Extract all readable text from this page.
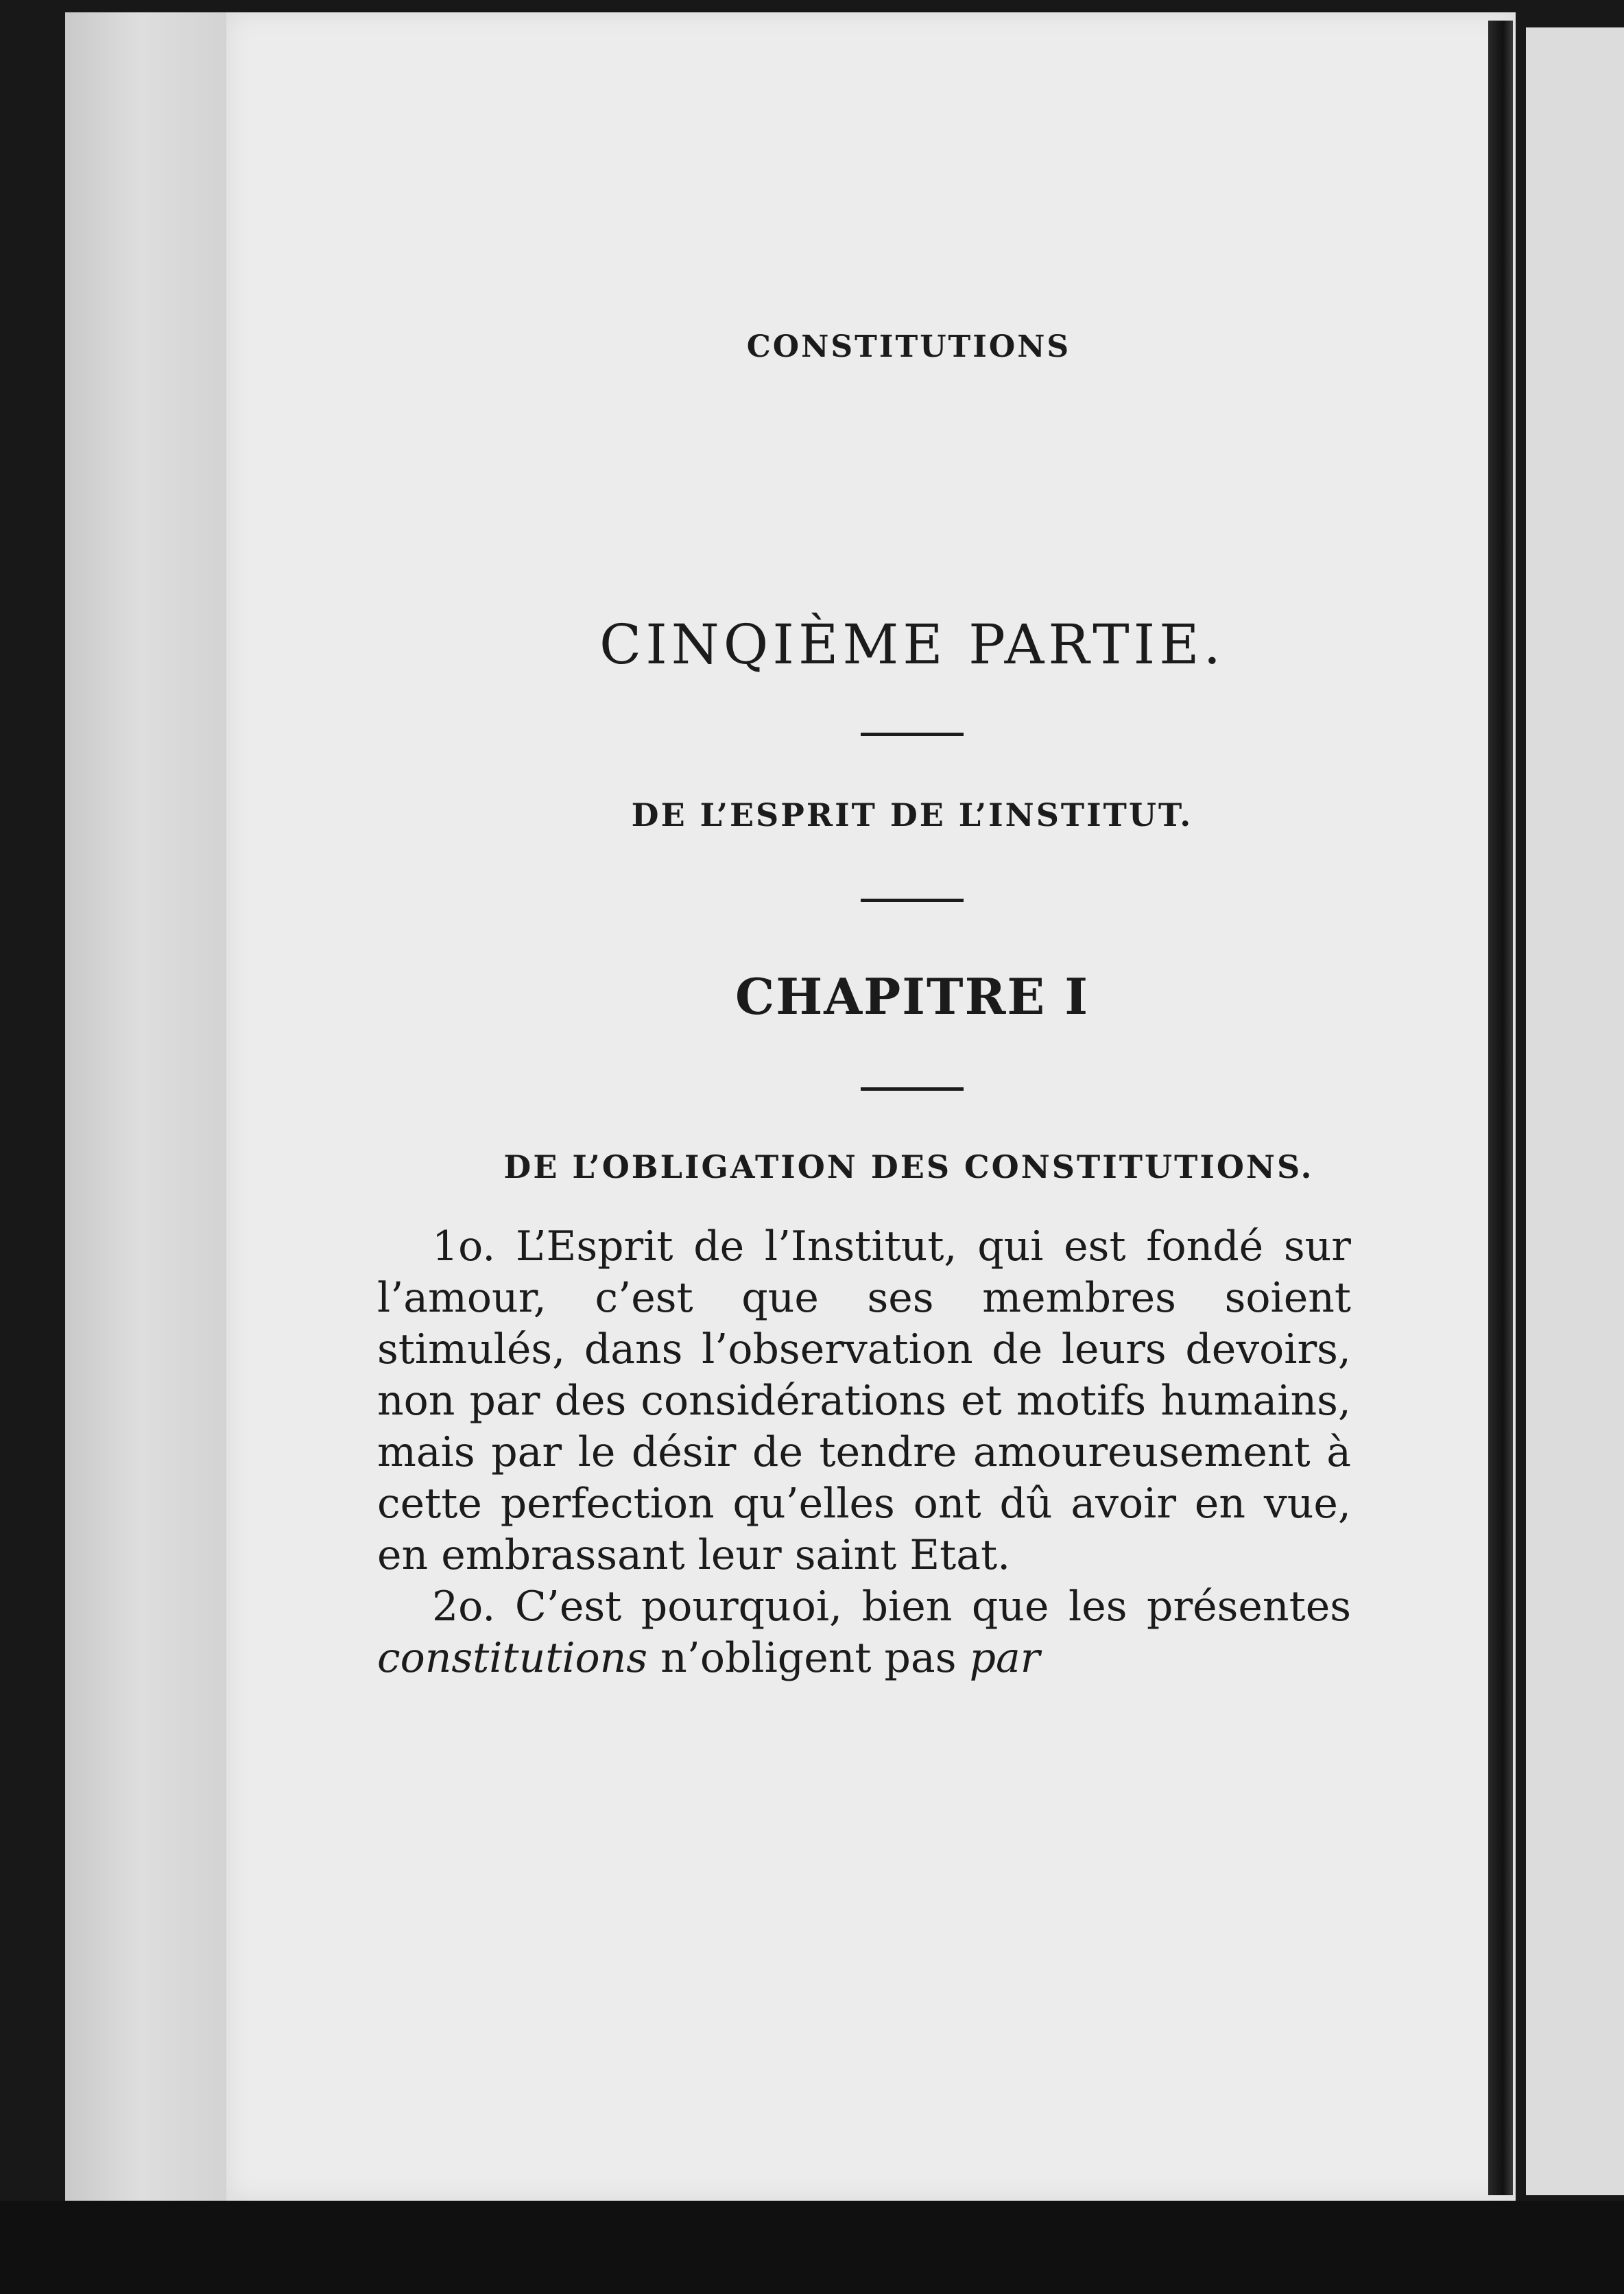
CONSTITUTIONS
CINQIÈME PARTIE.
DE L’ESPRIT DE L’INSTITUT.
CHAPITRE I
DE L’OBLIGATION DES CONSTITUTIONS.

1o. L’Esprit de l’Institut, qui est fondé sur l’amour, c’est que ses membres soient stimulés, dans l’observation de leurs devoirs, non par des considérations et motifs humains, mais par le désir de tendre amoureusement à cette perfection qu’elles ont dû avoir en vue, en embrassant leur saint Etat.

2o. C’est pourquoi, bien que les présentes constitutions n’obligent pas par
